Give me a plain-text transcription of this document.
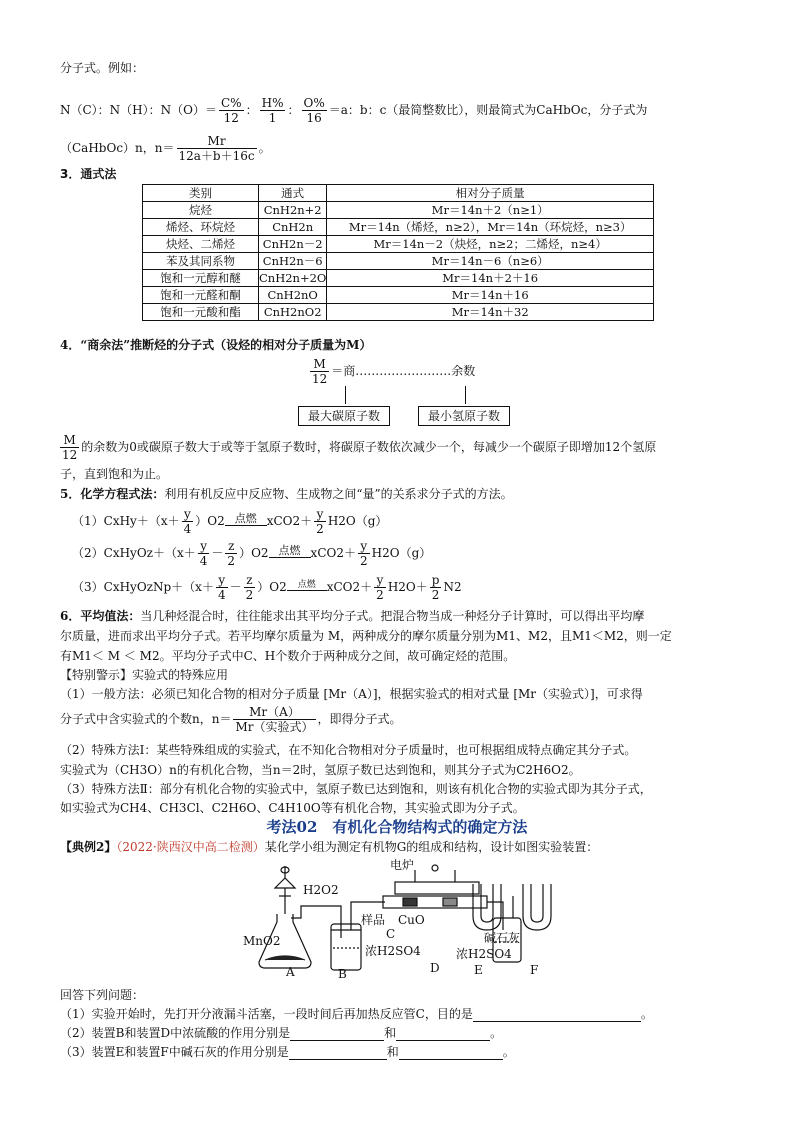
分子式。例如：
N（C）：N（H）：$N(O)= \frac{C\%}{12}$ ： $\frac{H\%}{1}$ ： $\frac{O\%}{16} =a$：b：c（最简整数比），则最简式为CaHbOc，分子式为
（CaHbOc）n，$n= \frac{Mr}{12a+b+16c}$ 。
3．通式法
类别	通式	相对分子质量
烷烃	CnH2n+2	Mr＝14n＋2（n≥1）
烯烃、环烷烃	CnH2n	Mr＝14n（烯烃，n≥2），Mr＝14n（环烷烃，n≥3）
炔烃、二烯烃	CnH2n－2	Mr＝14n－2（炔烃，n≥2；二烯烃，n≥4）
苯及其同系物	CnH2n－6	Mr＝14n－6（n≥6）
饱和一元醇和醚	CnH2n+2O	Mr＝14n＋2＋16
饱和一元醛和酮	CnH2nO	Mr＝14n＋16
饱和一元酸和酯	CnH2nO2	Mr＝14n＋32
4．“商余法”推断烃的分子式（设烃的相对分子质量为M）
$\frac{M}{12}$ ＝商……………………余数
最大碳原子数	最小氢原子数
$\frac{M}{12}$ 的余数为0或碳原子数大于或等于氢原子数时，将碳原子数依次减少一个，每减少一个碳原子即增加12个氢原
子，直到饱和为止。
5．化学方程式法：利用有机反应中反应物、生成物之间“量”的关系求分子式的方法。
（1）CxHy＋（x＋ $\frac{y}{4} )O2$ 点燃 $xCO2+ \frac{y}{2} H2O(g)$
（2）CxHyOz＋（x＋ $\frac{y}{4} - \frac{z}{2} )O2$ 点燃 $xCO2+ \frac{y}{2} H2O(g)$
（3）CxHyOzNp＋（x＋ $\frac{y}{4} - \frac{z}{2} )O2$ 点燃 $xCO2+ \frac{y}{2} H2O+ \frac{p}{2} N2$
6．平均值法：当几种烃混合时，往往能求出其平均分子式。把混合物当成一种烃分子计算时，可以得出平均摩
尔质量，进而求出平均分子式。若平均摩尔质量为 M，两种成分的摩尔质量分别为M1、M2，且M1＜M2，则一定
有M1＜ M ＜ M2。平均分子式中C、H个数介于两种成分之间，故可确定烃的范围。
【特别警示】实验式的特殊应用
（1）一般方法：必须已知化合物的相对分子质量 [Mr（A）]，根据实验式的相对式量 [Mr（实验式）]，可求得
分子式中含实验式的个数n，$n= \frac{Mr(A)}{\text{Mr（实验式）}}$ ，即得分子式。
（2）特殊方法Ⅰ：某些特殊组成的实验式，在不知化合物相对分子质量时，也可根据组成特点确定其分子式。
实验式为（CH3O）n的有机化合物，当n＝2时，氢原子数已达到饱和，则其分子式为C2H6O2。
（3）特殊方法Ⅱ：部分有机化合物的实验式中，氢原子数已达到饱和，则该有机化合物的实验式即为其分子式，
如实验式为CH4、CH3Cl、C2H6O、C4H10O等有机化合物，其实验式即为分子式。
考法02　有机化合物结构式的确定方法
【典例2】（2022·陕西汉中高二检测）某化学小组为测定有机物G的组成和结构，设计如图实验装置：
电炉
H2O2
MnO2
样品 CuO
C
浓H2SO4
碱石灰
浓H2SO4
A	B	D	E	F
回答下列问题：
（1）实验开始时，先打开分液漏斗活塞，一段时间后再加热反应管C，目的是	。
（2）装置B和装置D中浓硫酸的作用分别是	和	。
（3）装置E和装置F中碱石灰的作用分别是	和	。
